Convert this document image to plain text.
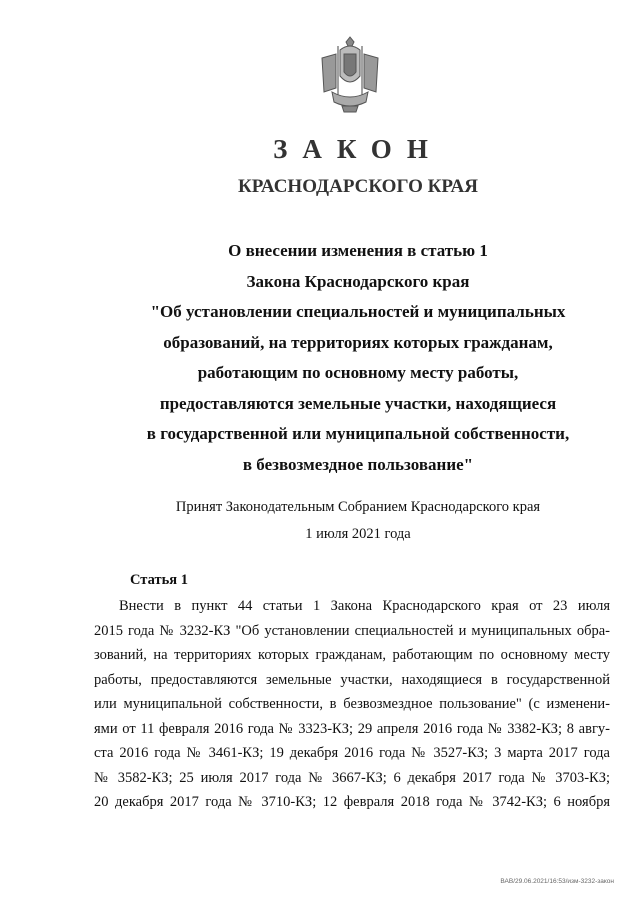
ЗАКОН
КРАСНОДАРСКОГО КРАЯ
О внесении изменения в статью 1
Закона Краснодарского края
"Об установлении специальностей и муниципальных
образований, на территориях которых гражданам,
работающим по основному месту работы,
предоставляются земельные участки, находящиеся
в государственной или муниципальной собственности,
в безвозмездное пользование"
Принят Законодательным Собранием Краснодарского края
1 июля 2021 года
Статья 1
Внести в пункт 44 статьи 1 Закона Краснодарского края от 23 июля
2015 года № 3232-КЗ "Об установлении специальностей и муниципальных обра-
зований, на территориях которых гражданам, работающим по основному месту
работы, предоставляются земельные участки, находящиеся в государственной
или муниципальной собственности, в безвозмездное пользование" (с изменени-
ями от 11 февраля 2016 года № 3323-КЗ; 29 апреля 2016 года № 3382-КЗ; 8 авгу-
ста 2016 года № 3461-КЗ; 19 декабря 2016 года № 3527-КЗ; 3 марта 2017 года
№ 3582-КЗ; 25 июля 2017 года № 3667-КЗ; 6 декабря 2017 года № 3703-КЗ;
20 декабря 2017 года № 3710-КЗ; 12 февраля 2018 года № 3742-КЗ; 6 ноября
ВАВ/29.06.2021/16:53/изм-3232-закон
